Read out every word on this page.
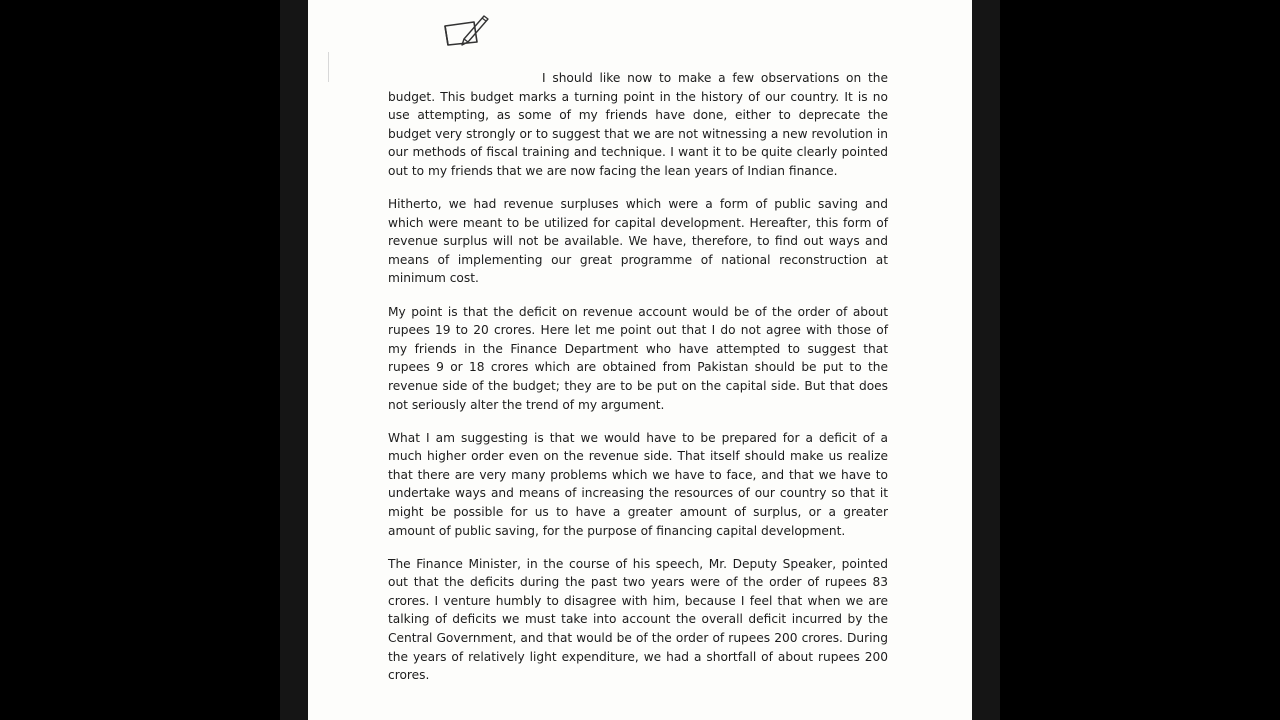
I should like now to make a few observations on the budget. This budget marks a turning point in the history of our country. It is no use attempting, as some of my friends have done, either to deprecate the budget very strongly or to suggest that we are not witnessing a new revolution in our methods of fiscal training and technique. I want it to be quite clearly pointed out to my friends that we are now facing the lean years of Indian finance.

Hitherto, we had revenue surpluses which were a form of public saving and which were meant to be utilized for capital development. Hereafter, this form of revenue surplus will not be available. We have, therefore, to find out ways and means of implementing our great programme of national reconstruction at minimum cost.

My point is that the deficit on revenue account would be of the order of about rupees 19 to 20 crores. Here let me point out that I do not agree with those of my friends in the Finance Department who have attempted to suggest that rupees 9 or 18 crores which are obtained from Pakistan should be put to the revenue side of the budget; they are to be put on the capital side. But that does not seriously alter the trend of my argument.

What I am suggesting is that we would have to be prepared for a deficit of a much higher order even on the revenue side. That itself should make us realize that there are very many problems which we have to face, and that we have to undertake ways and means of increasing the resources of our country so that it might be possible for us to have a greater amount of surplus, or a greater amount of public saving, for the purpose of financing capital development.

The Finance Minister, in the course of his speech, Mr. Deputy Speaker, pointed out that the deficits during the past two years were of the order of rupees 83 crores. I venture humbly to disagree with him, because I feel that when we are talking of deficits we must take into account the overall deficit incurred by the Central Government, and that would be of the order of rupees 200 crores. During the years of relatively light expenditure, we had a shortfall of about rupees 200 crores.
